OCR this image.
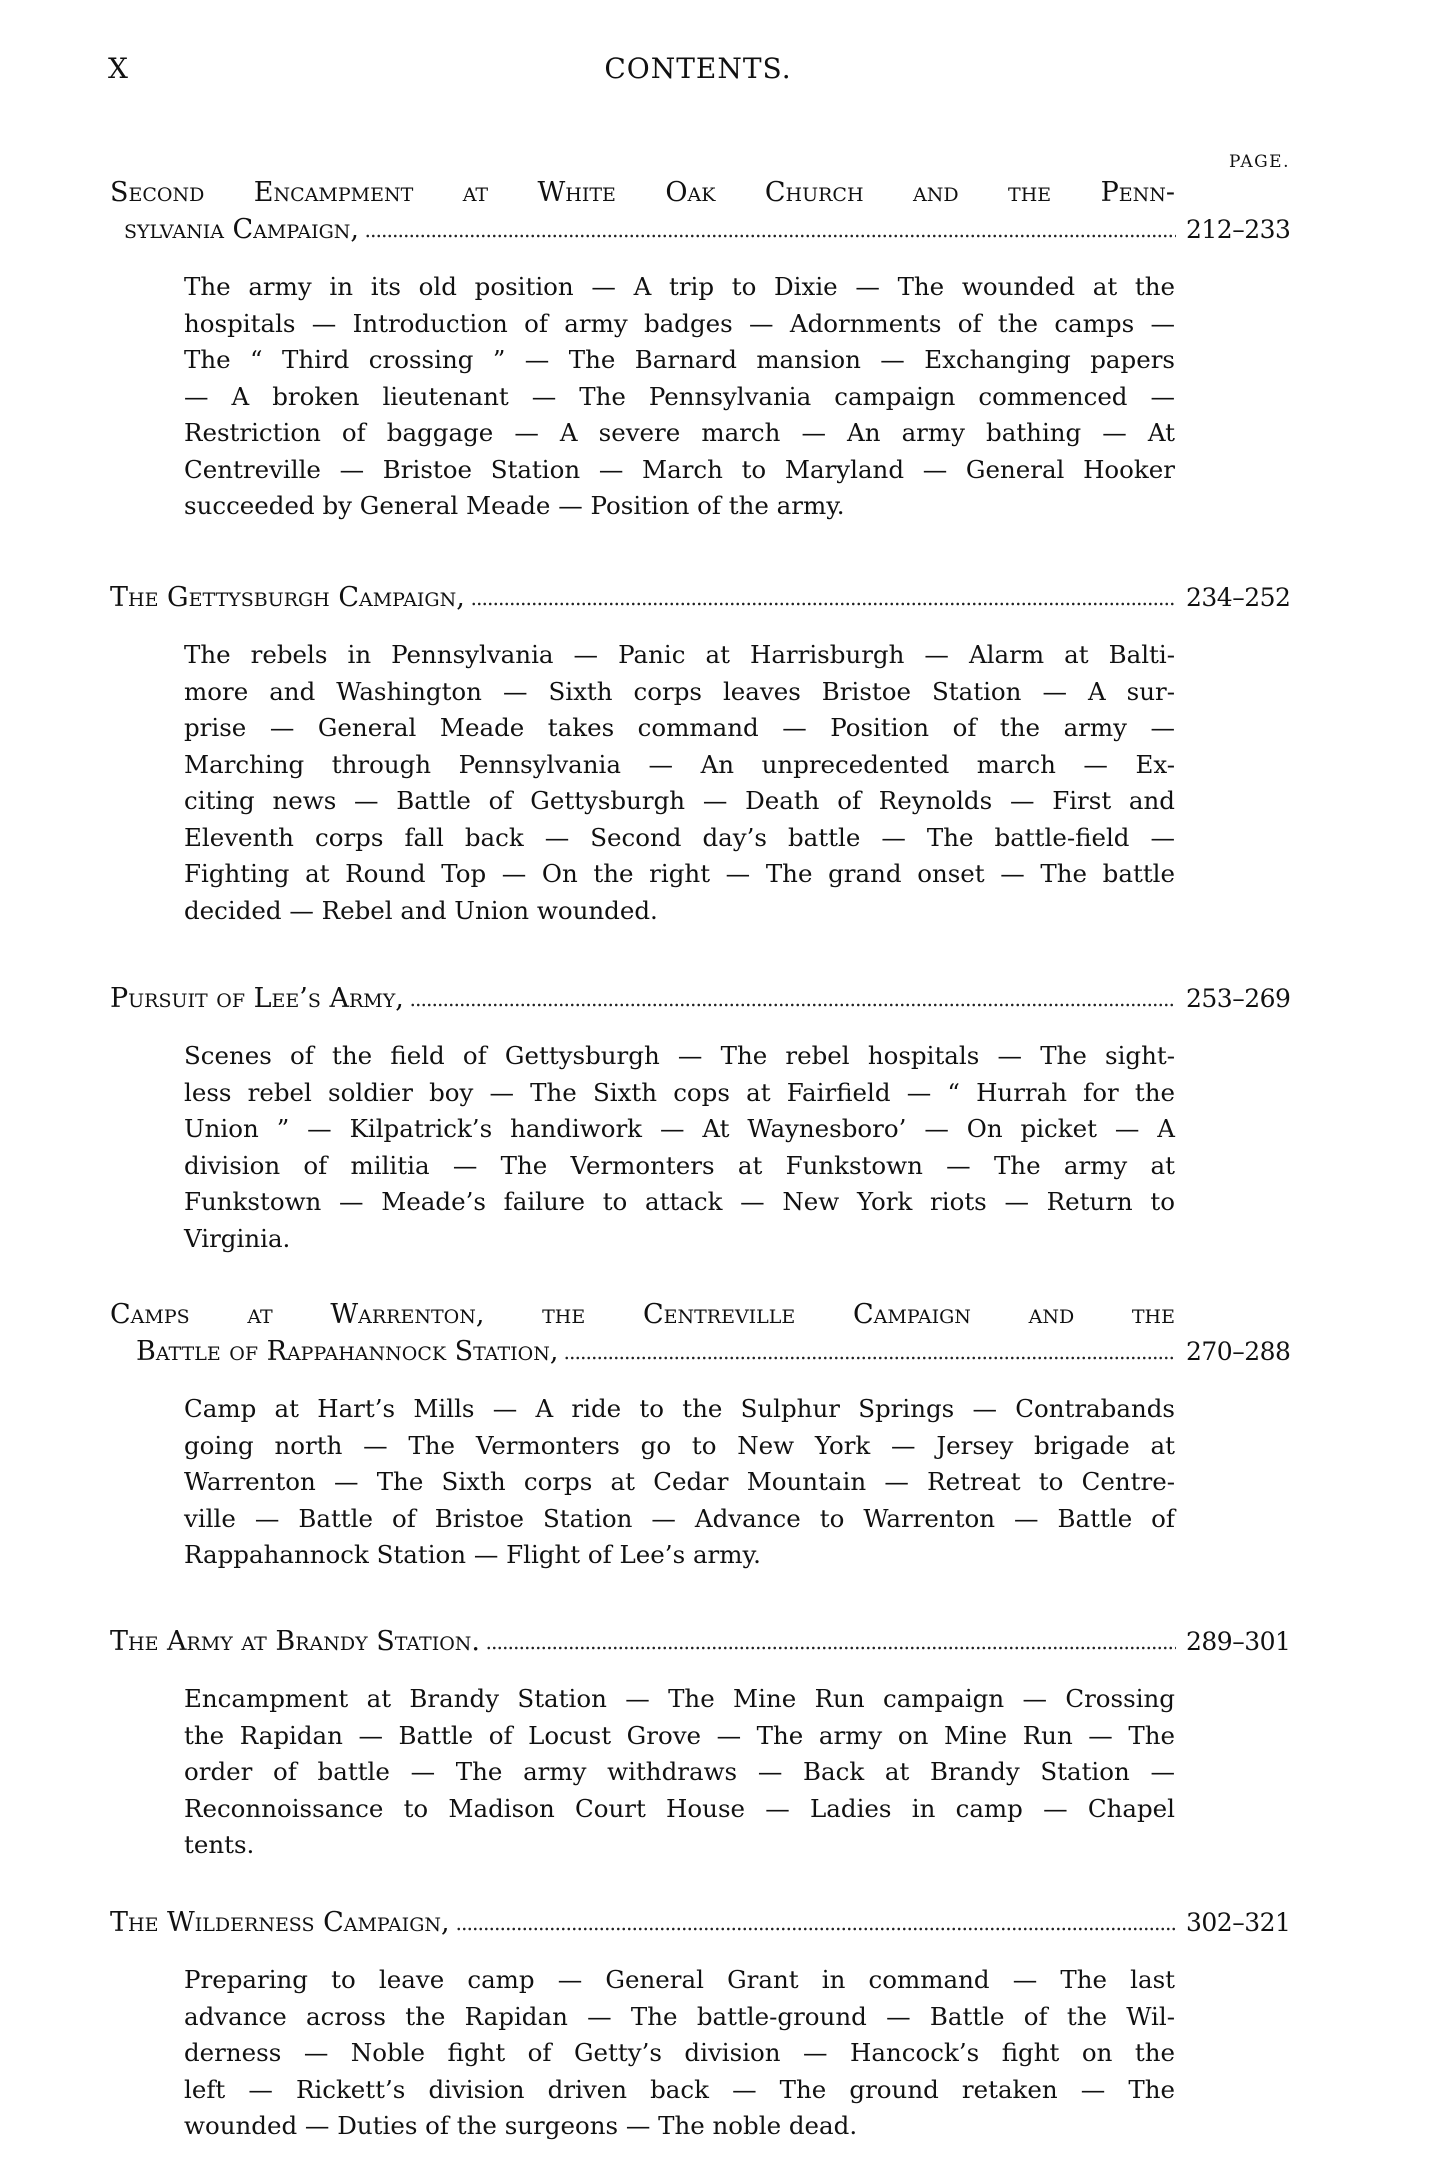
X	CONTENTS.
PAGE.
Second Encampment at White Oak Church and the Penn-
sylvania Campaign,	212–233
The army in its old position — A trip to Dixie — The wounded at the
hospitals — Introduction of army badges — Adornments of the camps —
The “ Third crossing ” — The Barnard mansion — Exchanging papers
— A broken lieutenant — The Pennsylvania campaign commenced —
Restriction of baggage — A severe march — An army bathing — At
Centreville — Bristoe Station — March to Maryland — General Hooker
succeeded by General Meade — Position of the army.
The Gettysburgh Campaign,	234–252
The rebels in Pennsylvania — Panic at Harrisburgh — Alarm at Balti-
more and Washington — Sixth corps leaves Bristoe Station — A sur-
prise — General Meade takes command — Position of the army —
Marching through Pennsylvania — An unprecedented march — Ex-
citing news — Battle of Gettysburgh — Death of Reynolds — First and
Eleventh corps fall back — Second day’s battle — The battle-field —
Fighting at Round Top — On the right — The grand onset — The battle
decided — Rebel and Union wounded.
Pursuit of Lee’s Army,	253–269
Scenes of the field of Gettysburgh — The rebel hospitals — The sight-
less rebel soldier boy — The Sixth cops at Fairfield — “ Hurrah for the
Union ” — Kilpatrick’s handiwork — At Waynesboro’ — On picket — A
division of militia — The Vermonters at Funkstown — The army at
Funkstown — Meade’s failure to attack — New York riots — Return to
Virginia.
Camps at Warrenton, the Centreville Campaign and the
Battle of Rappahannock Station,	270–288
Camp at Hart’s Mills — A ride to the Sulphur Springs — Contrabands
going north — The Vermonters go to New York — Jersey brigade at
Warrenton — The Sixth corps at Cedar Mountain — Retreat to Centre-
ville — Battle of Bristoe Station — Advance to Warrenton — Battle of
Rappahannock Station — Flight of Lee’s army.
The Army at Brandy Station.	289–301
Encampment at Brandy Station — The Mine Run campaign — Crossing
the Rapidan — Battle of Locust Grove — The army on Mine Run — The
order of battle — The army withdraws — Back at Brandy Station —
Reconnoissance to Madison Court House — Ladies in camp — Chapel
tents.
The Wilderness Campaign,	302–321
Preparing to leave camp — General Grant in command — The last
advance across the Rapidan — The battle-ground — Battle of the Wil-
derness — Noble fight of Getty’s division — Hancock’s fight on the
left — Rickett’s division driven back — The ground retaken — The
wounded — Duties of the surgeons — The noble dead.
